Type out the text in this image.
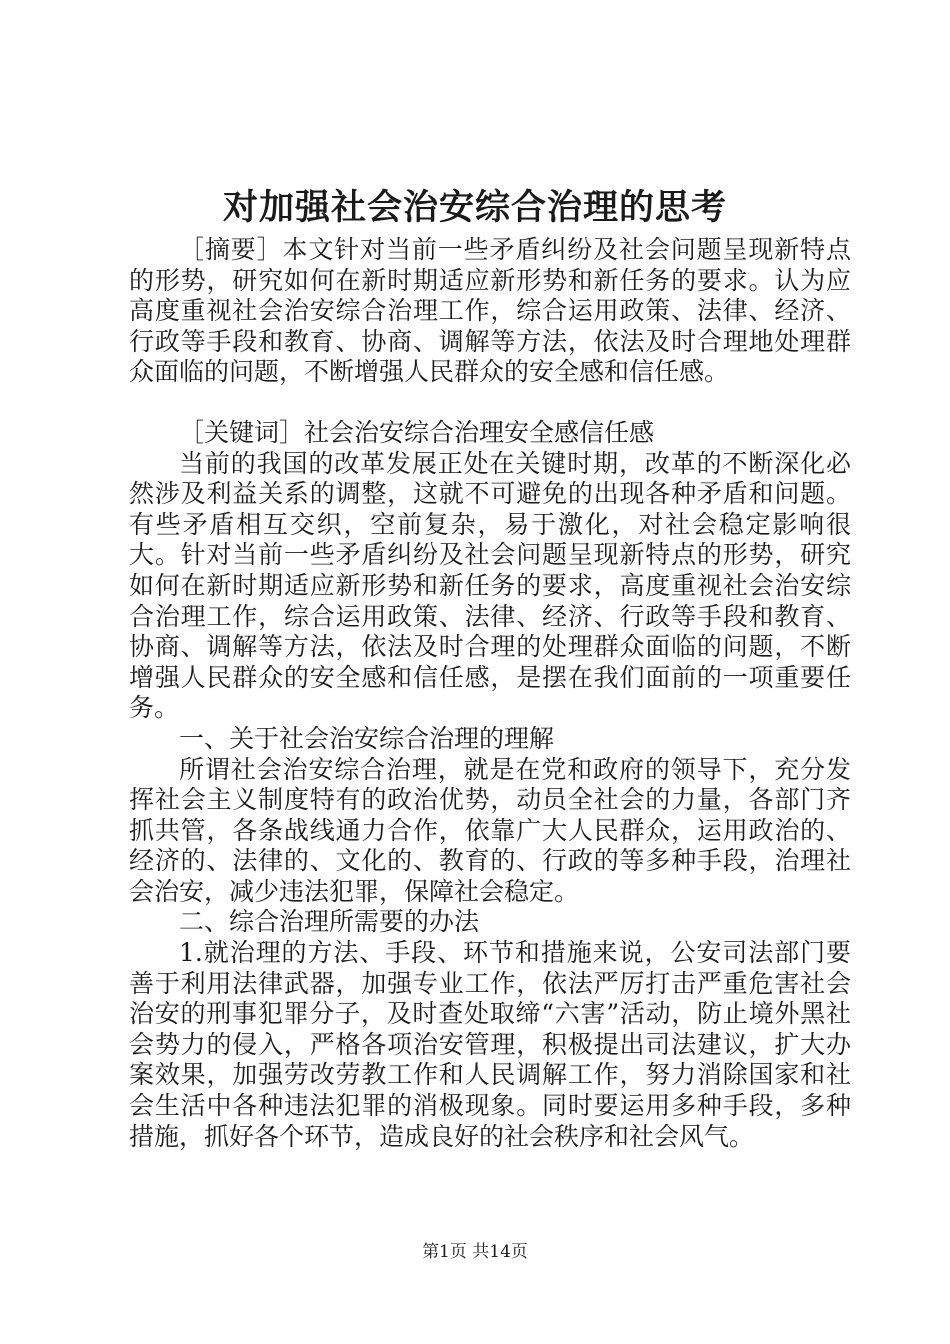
对加强社会治安综合治理的思考

［摘要］本文针对当前一些矛盾纠纷及社会问题呈现新特点的形势，研究如何在新时期适应新形势和新任务的要求。认为应高度重视社会治安综合治理工作，综合运用政策、法律、经济、行政等手段和教育、协商、调解等方法，依法及时合理地处理群众面临的问题，不断增强人民群众的安全感和信任感。

［关键词］社会治安综合治理安全感信任感

当前的我国的改革发展正处在关键时期，改革的不断深化必然涉及利益关系的调整，这就不可避免的出现各种矛盾和问题。有些矛盾相互交织，空前复杂，易于激化，对社会稳定影响很大。针对当前一些矛盾纠纷及社会问题呈现新特点的形势，研究如何在新时期适应新形势和新任务的要求，高度重视社会治安综合治理工作，综合运用政策、法律、经济、行政等手段和教育、协商、调解等方法，依法及时合理的处理群众面临的问题，不断增强人民群众的安全感和信任感，是摆在我们面前的一项重要任务。

一、关于社会治安综合治理的理解

所谓社会治安综合治理，就是在党和政府的领导下，充分发挥社会主义制度特有的政治优势，动员全社会的力量，各部门齐抓共管，各条战线通力合作，依靠广大人民群众，运用政治的、经济的、法律的、文化的、教育的、行政的等多种手段，治理社会治安，减少违法犯罪，保障社会稳定。

二、综合治理所需要的办法

1.就治理的方法、手段、环节和措施来说，公安司法部门要善于利用法律武器，加强专业工作，依法严厉打击严重危害社会治安的刑事犯罪分子，及时查处取缔“六害”活动，防止境外黑社会势力的侵入，严格各项治安管理，积极提出司法建议，扩大办案效果，加强劳改劳教工作和人民调解工作，努力消除国家和社会生活中各种违法犯罪的消极现象。同时要运用多种手段，多种措施，抓好各个环节，造成良好的社会秩序和社会风气。

第1页 共14页
